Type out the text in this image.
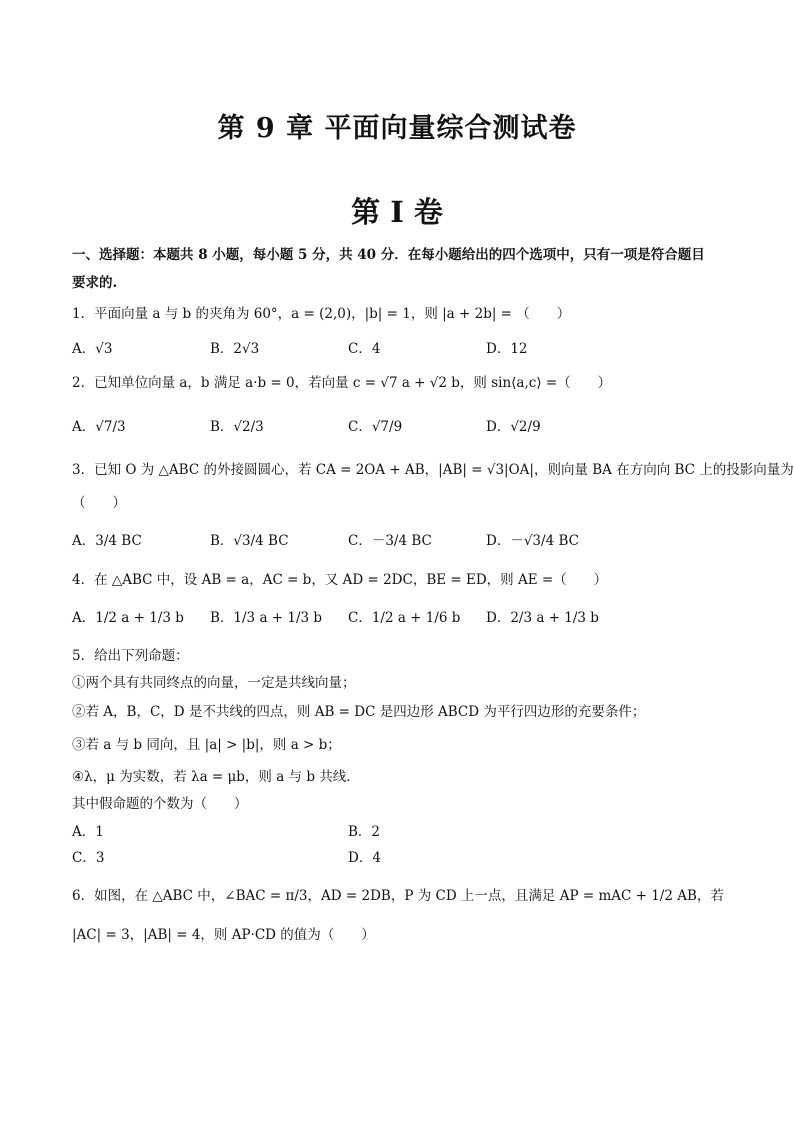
第 9 章 平面向量综合测试卷
第 I 卷
一、选择题：本题共 8 小题，每小题 5 分，共 40 分．在每小题给出的四个选项中，只有一项是符合题目
要求的.
1．平面向量 a 与 b 的夹角为 60°，a = (2,0)，|b| = 1，则 |a + 2b| = （　　）
A．√3	B．2√3	C．4	D．12
2．已知单位向量 a，b 满足 a·b = 0，若向量 c = √7 a + √2 b，则 sin⟨a,c⟩ =（　　）
A．√7/3	B．√2/3	C．√7/9	D．√2/9
3．已知 O 为 △ABC 的外接圆圆心，若 CA = 2OA + AB，|AB| = √3|OA|，则向量 BA 在方向向 BC 上的投影向量为
（　　）
A．3/4 BC	B．√3/4 BC	C．－3/4 BC	D．－√3/4 BC
4．在 △ABC 中，设 AB = a，AC = b，又 AD = 2DC，BE = ED，则 AE =（　　）
A．1/2 a + 1/3 b B．1/3 a + 1/3 b C．1/2 a + 1/6 b D．2/3 a + 1/3 b
5．给出下列命题：
①两个具有共同终点的向量，一定是共线向量；
②若 A，B，C，D 是不共线的四点，则 AB = DC 是四边形 ABCD 为平行四边形的充要条件；
③若 a 与 b 同向，且 |a| > |b|，则 a > b；
④λ，μ 为实数，若 λa = μb，则 a 与 b 共线．
其中假命题的个数为（　　）
A．1	B．2
C．3	D．4
6．如图，在 △ABC 中，∠BAC = π/3，AD = 2DB，P 为 CD 上一点，且满足 AP = mAC + 1/2 AB，若
|AC| = 3，|AB| = 4，则 AP·CD 的值为（　　）
